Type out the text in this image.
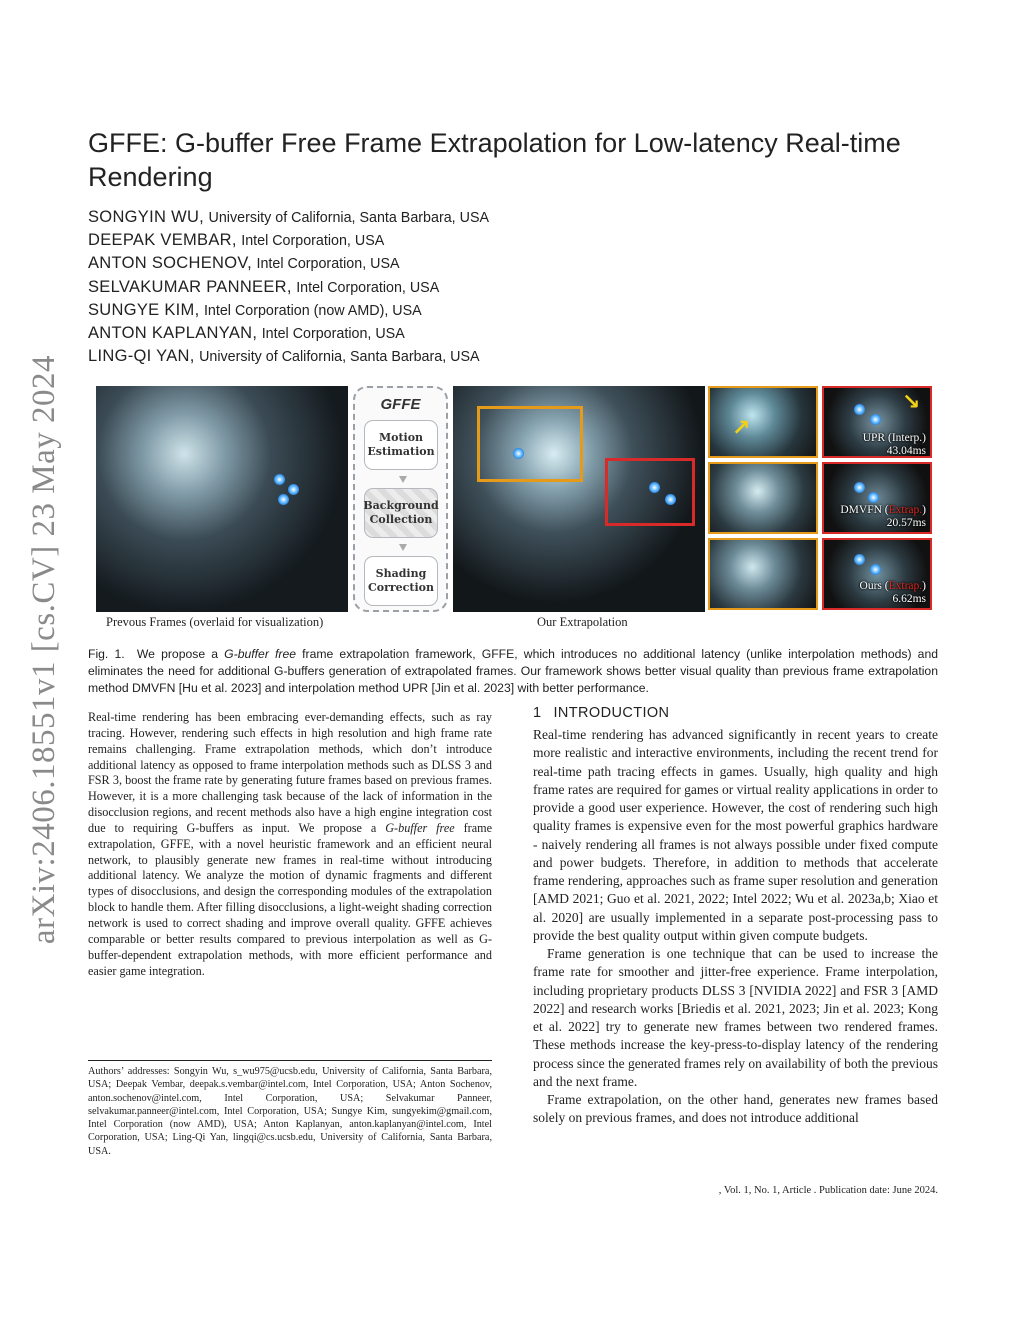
arXiv:2406.18551v1 [cs.CV] 23 May 2024
GFFE: G-buffer Free Frame Extrapolation for Low-latency Real-time Rendering
SONGYIN WU, University of California, Santa Barbara, USA
DEEPAK VEMBAR, Intel Corporation, USA
ANTON SOCHENOV, Intel Corporation, USA
SELVAKUMAR PANNEER, Intel Corporation, USA
SUNGYE KIM, Intel Corporation (now AMD), USA
ANTON KAPLANYAN, Intel Corporation, USA
LING-QI YAN, University of California, Santa Barbara, USA
GFFE
Motion Estimation
Background Collection
Shading Correction
↗
↘
UPR (Interp.)
43.04ms
DMVFN (Extrap.)
20.57ms
Ours (Extrap.)
6.62ms
Prevous Frames (overlaid for visualization)	Our Extrapolation

Fig. 1. We propose a G-buffer free frame extrapolation framework, GFFE, which introduces no additional latency (unlike interpolation methods) and eliminates the need for additional G-buffers generation of extrapolated frames. Our framework shows better visual quality than previous frame extrapolation method DMVFN [Hu et al. 2023] and interpolation method UPR [Jin et al. 2023] with better performance.

Real-time rendering has been embracing ever-demanding effects, such as ray tracing. However, rendering such effects in high resolution and high frame rate remains challenging. Frame extrapolation methods, which don’t introduce additional latency as opposed to frame interpolation methods such as DLSS 3 and FSR 3, boost the frame rate by generating future frames based on previous frames. However, it is a more challenging task because of the lack of information in the disocclusion regions, and recent methods also have a high engine integration cost due to requiring G-buffers as input. We propose a G-buffer free frame extrapolation, GFFE, with a novel heuristic framework and an efficient neural network, to plausibly generate new frames in real-time without introducing additional latency. We analyze the motion of dynamic fragments and different types of disocclusions, and design the corresponding modules of the extrapolation block to handle them. After filling disocclusions, a light-weight shading correction network is used to correct shading and improve overall quality. GFFE achieves comparable or better results compared to previous interpolation as well as G-buffer-dependent extrapolation methods, with more efficient performance and easier game integration.

Authors’ addresses: Songyin Wu, s_wu975@ucsb.edu, University of California, Santa Barbara, USA; Deepak Vembar, deepak.s.vembar@intel.com, Intel Corporation, USA; Anton Sochenov, anton.sochenov@intel.com, Intel Corporation, USA; Selvakumar Panneer, selvakumar.panneer@intel.com, Intel Corporation, USA; Sungye Kim, sungyekim@gmail.com, Intel Corporation (now AMD), USA; Anton Kaplanyan, anton.kaplanyan@intel.com, Intel Corporation, USA; Ling-Qi Yan, lingqi@cs.ucsb.edu, University of California, Santa Barbara, USA.

1 INTRODUCTION

Real-time rendering has advanced significantly in recent years to create more realistic and interactive environments, including the recent trend for real-time path tracing effects in games. Usually, high quality and high frame rates are required for games or virtual reality applications in order to provide a good user experience. However, the cost of rendering such high quality frames is expensive even for the most powerful graphics hardware - naively rendering all frames is not always possible under fixed compute and power budgets. Therefore, in addition to methods that accelerate frame rendering, approaches such as frame super resolution and generation [AMD 2021; Guo et al. 2021, 2022; Intel 2022; Wu et al. 2023a,b; Xiao et al. 2020] are usually implemented in a separate post-processing pass to provide the best quality output within given compute budgets.

Frame generation is one technique that can be used to increase the frame rate for smoother and jitter-free experience. Frame interpolation, including proprietary products DLSS 3 [NVIDIA 2022] and FSR 3 [AMD 2022] and research works [Briedis et al. 2021, 2023; Jin et al. 2023; Kong et al. 2022] try to generate new frames between two rendered frames. These methods increase the key-press-to-display latency of the rendering process since the generated frames rely on availability of both the previous and the next frame.

Frame extrapolation, on the other hand, generates new frames based solely on previous frames, and does not introduce additional

, Vol. 1, No. 1, Article . Publication date: June 2024.
